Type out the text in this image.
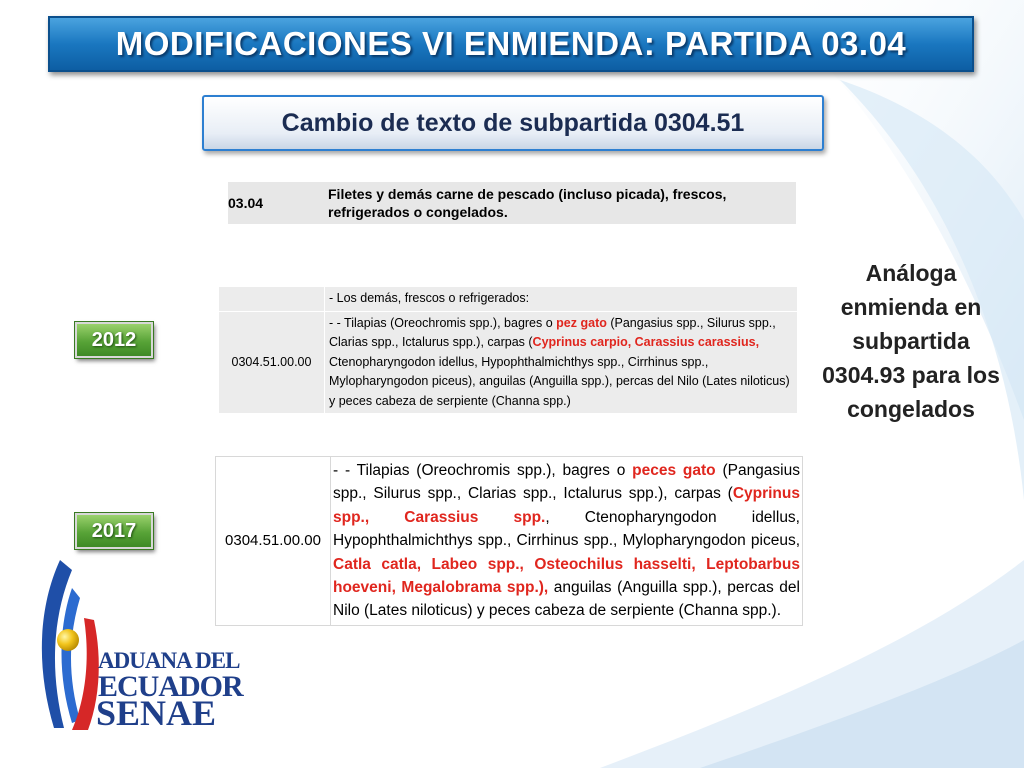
MODIFICACIONES VI ENMIENDA: PARTIDA 03.04
Cambio de texto de subpartida 0304.51
03.04	Filetes y demás carne de pescado (incluso picada), frescos, refrigerados o congelados.
	- Los demás, frescos o refrigerados:
0304.51.00.00	- - Tilapias (Oreochromis spp.), bagres o pez gato (Pangasius spp., Silurus spp., Clarias spp., Ictalurus spp.), carpas (Cyprinus carpio, Carassius carassius, Ctenopharyngodon idellus, Hypophthalmichthys spp., Cirrhinus spp., Mylopharyngodon piceus), anguilas (Anguilla spp.), percas del Nilo (Lates niloticus) y peces cabeza de serpiente (Channa spp.)
0304.51.00.00	- - Tilapias (Oreochromis spp.), bagres o peces gato (Pangasius spp., Silurus spp., Clarias spp., Ictalurus spp.), carpas (Cyprinus spp., Carassius spp., Ctenopharyngodon idellus, Hypophthalmichthys spp., Cirrhinus spp., Mylopharyngodon piceus, Catla catla, Labeo spp., Osteochilus hasselti, Leptobarbus hoeveni, Megalobrama spp.), anguilas (Anguilla spp.), percas del Nilo (Lates niloticus) y peces cabeza de serpiente (Channa spp.).
2012
2017
Análoga enmienda en subpartida 0304.93 para los congelados
ADUANA DEL
ECUADOR
SENAE
